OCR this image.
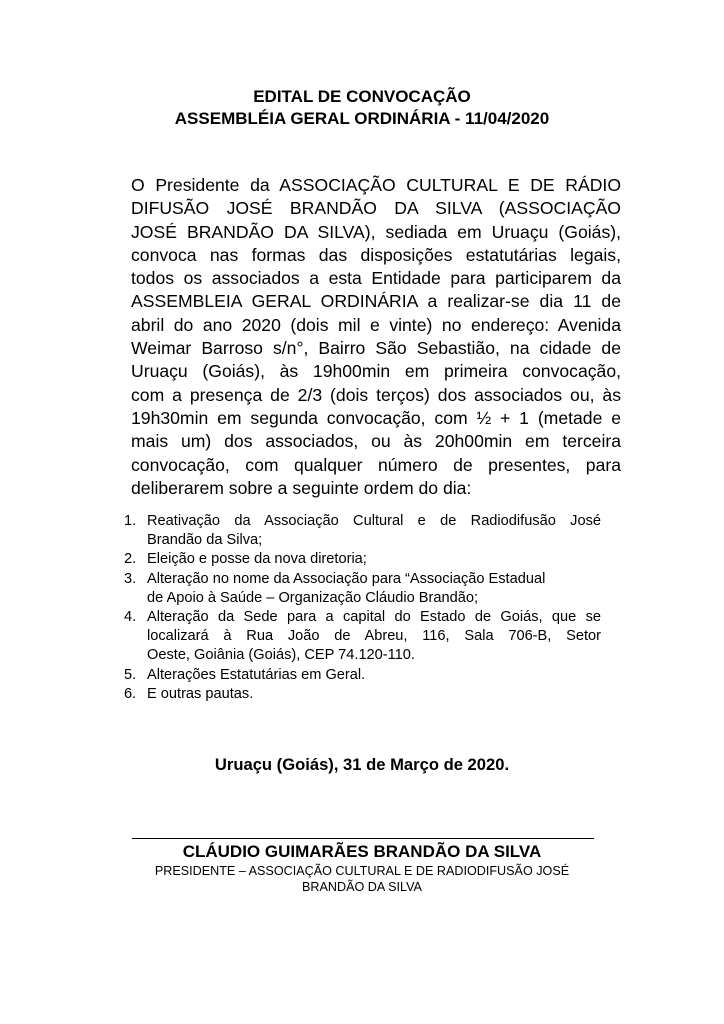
EDITAL DE CONVOCAÇÃO
ASSEMBLÉIA GERAL ORDINÁRIA - 11/04/2020

O Presidente da ASSOCIAÇÃO CULTURAL E DE RÁDIO
DIFUSÃO JOSÉ BRANDÃO DA SILVA (ASSOCIAÇÃO
JOSÉ BRANDÃO DA SILVA), sediada em Uruaçu (Goiás),
convoca nas formas das disposições estatutárias legais,
todos os associados a esta Entidade para participarem da
ASSEMBLEIA GERAL ORDINÁRIA a realizar-se dia 11 de
abril do ano 2020 (dois mil e vinte) no endereço: Avenida
Weimar Barroso s/n°, Bairro São Sebastião, na cidade de
Uruaçu (Goiás), às 19h00min em primeira convocação,
com a presença de 2/3 (dois terços) dos associados ou, às
19h30min em segunda convocação, com ½ + 1 (metade e
mais um) dos associados, ou às 20h00min em terceira
convocação, com qualquer número de presentes, para
deliberarem sobre a seguinte ordem do dia:

1. Reativação da Associação Cultural e de Radiodifusão José
Brandão da Silva;
2. Eleição e posse da nova diretoria;
3. Alteração no nome da Associação para “Associação Estadual
de Apoio à Saúde – Organização Cláudio Brandão;
4. Alteração da Sede para a capital do Estado de Goiás, que se
localizará à Rua João de Abreu, 116, Sala 706-B, Setor
Oeste, Goiânia (Goiás), CEP 74.120-110.
5. Alterações Estatutárias em Geral.
6. E outras pautas.
Uruaçu (Goiás), 31 de Março de 2020.
CLÁUDIO GUIMARÃES BRANDÃO DA SILVA
PRESIDENTE – ASSOCIAÇÃO CULTURAL E DE RADIODIFUSÃO JOSÉ
BRANDÃO DA SILVA
